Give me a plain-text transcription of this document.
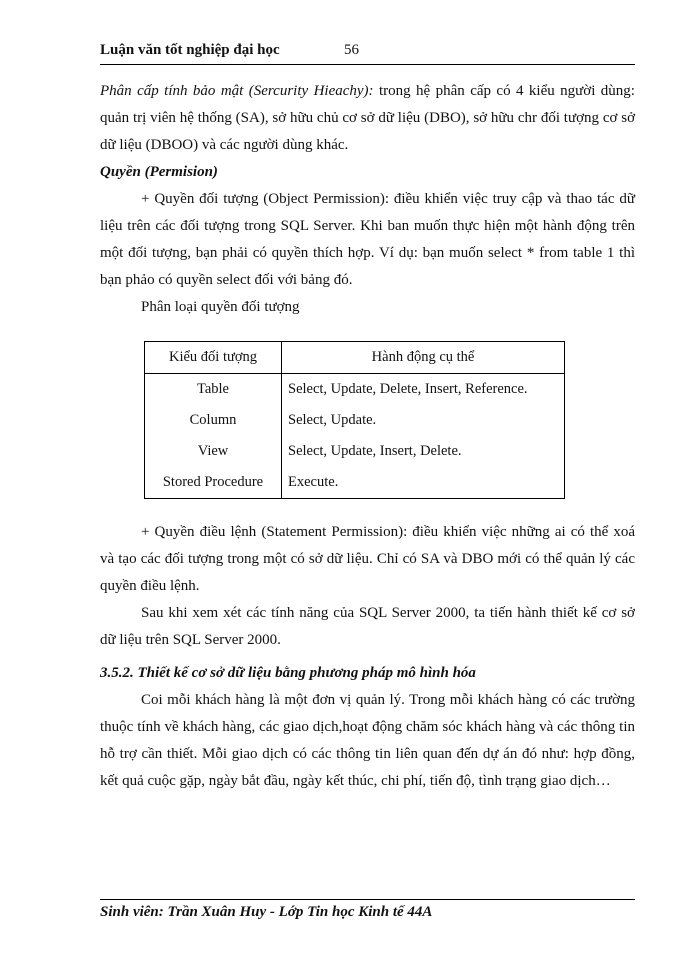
Luận văn tốt nghiệp đại học	56

Phân cấp tính bảo mật (Sercurity Hieachy): trong hệ phân cấp có 4 kiểu người dùng: quản trị viên hệ thống (SA), sở hữu chủ cơ sở dữ liệu (DBO), sở hữu chr đối tượng cơ sở dữ liệu (DBOO) và các người dùng khác.

Quyền (Permision)

+ Quyền đối tượng (Object Permission): điều khiển việc truy cập và thao tác dữ liệu trên các đối tượng trong SQL Server. Khi ban muốn thực hiện một hành động trên một đối tượng, bạn phải có quyền thích hợp. Ví dụ: bạn muốn select * from table 1 thì bạn phảo có quyền select đối với bảng đó.

Phân loại quyền đối tượng

Kiểu đối tượng	Hành động cụ thể
Table	Select, Update, Delete, Insert, Reference.
Column	Select, Update.
View	Select, Update, Insert, Delete.
Stored Procedure	Execute.

+ Quyền điều lệnh (Statement Permission): điều khiển việc những ai có thể xoá và tạo các đối tượng trong một có sở dữ liệu. Chỉ có SA và DBO mới có thể quản lý các quyền điều lệnh.

Sau khi xem xét các tính năng của SQL Server 2000, ta tiến hành thiết kế cơ sở dữ liệu trên SQL Server 2000.

3.5.2. Thiết kế cơ sở dữ liệu bằng phương pháp mô hình hóa

Coi mỗi khách hàng là một đơn vị quản lý. Trong mỗi khách hàng có các trường thuộc tính về khách hàng, các giao dịch,hoạt động chăm sóc khách hàng và các thông tin hỗ trợ cần thiết. Mỗi giao dịch có các thông tin liên quan đến dự án đó như: hợp đồng, kết quả cuộc gặp, ngày bắt đầu, ngày kết thúc, chi phí, tiến độ, tình trạng giao dịch…

Sinh viên: Trần Xuân Huy - Lớp Tin học Kinh tế 44A
